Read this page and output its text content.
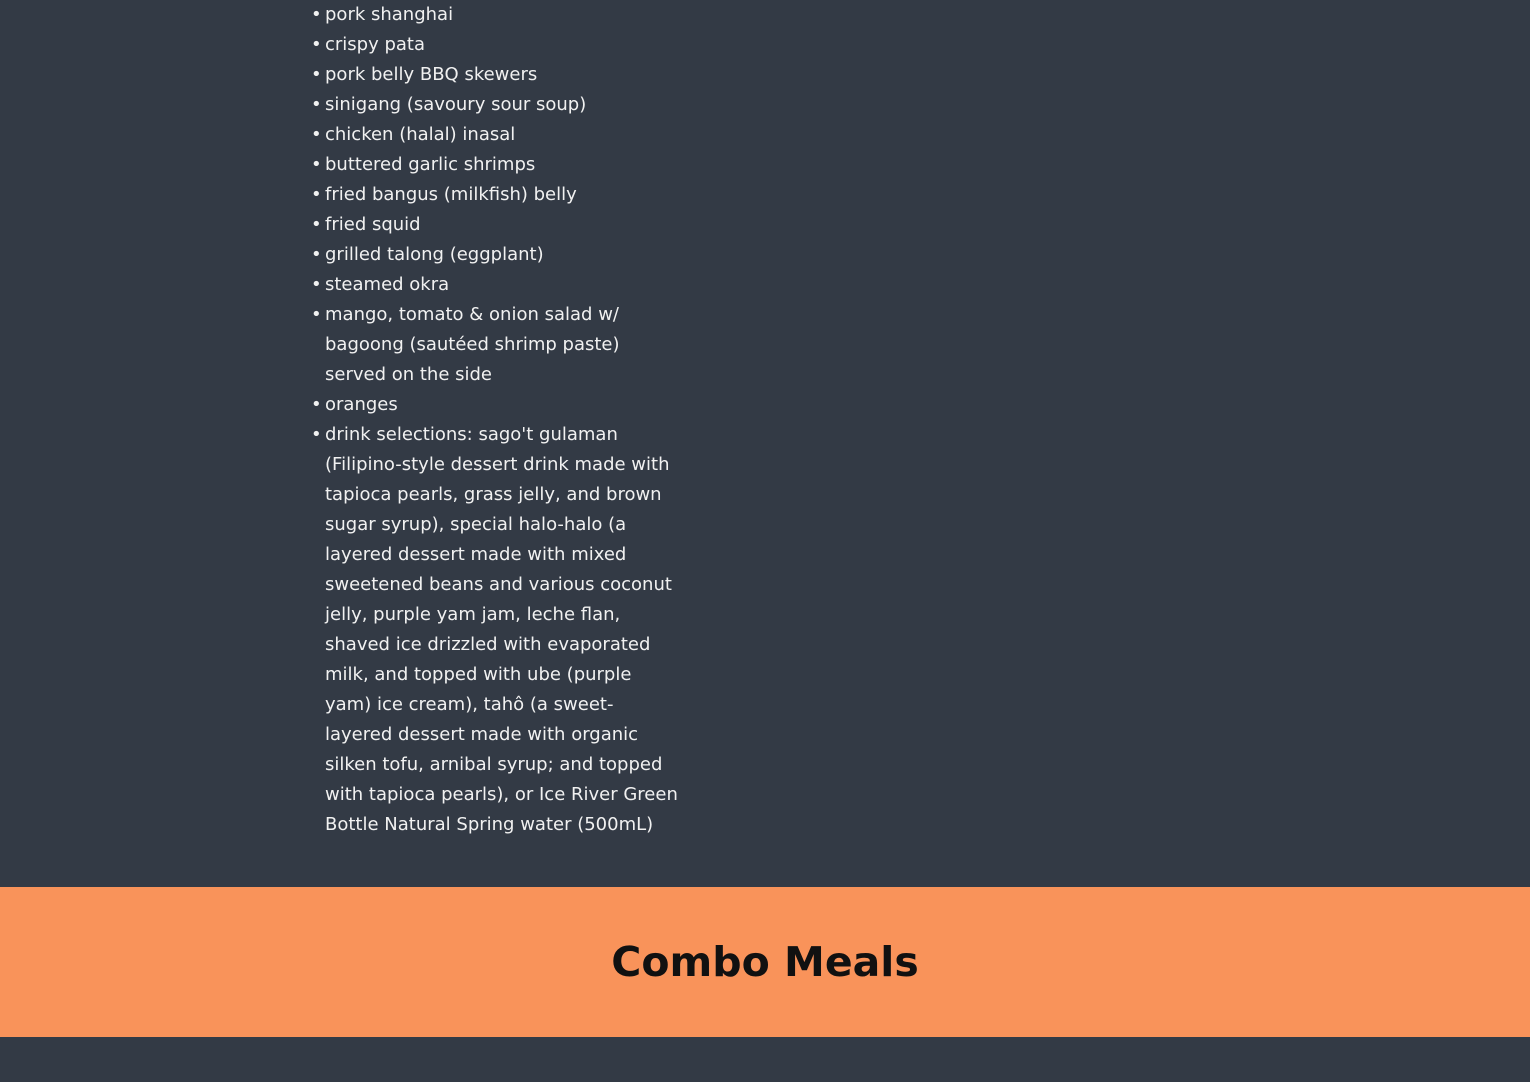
• pork shanghai
• crispy pata
• pork belly BBQ skewers
• sinigang (savoury sour soup)
• chicken (halal) inasal
• buttered garlic shrimps
• fried bangus (milkfish) belly
• fried squid
• grilled talong (eggplant)
• steamed okra
• mango, tomato & onion salad w/ bagoong (sautéed shrimp paste) served on the side
• oranges
• drink selections: sago't gulaman (Filipino-style dessert drink made with tapioca pearls, grass jelly, and brown sugar syrup), special halo-halo (a layered dessert made with mixed sweetened beans and various coconut jelly, purple yam jam, leche flan, shaved ice drizzled with evaporated milk, and topped with ube (purple yam) ice cream), tahô (a sweet-layered dessert made with organic silken tofu, arnibal syrup; and topped with tapioca pearls), or Ice River Green Bottle Natural Spring water (500mL)
Combo Meals
